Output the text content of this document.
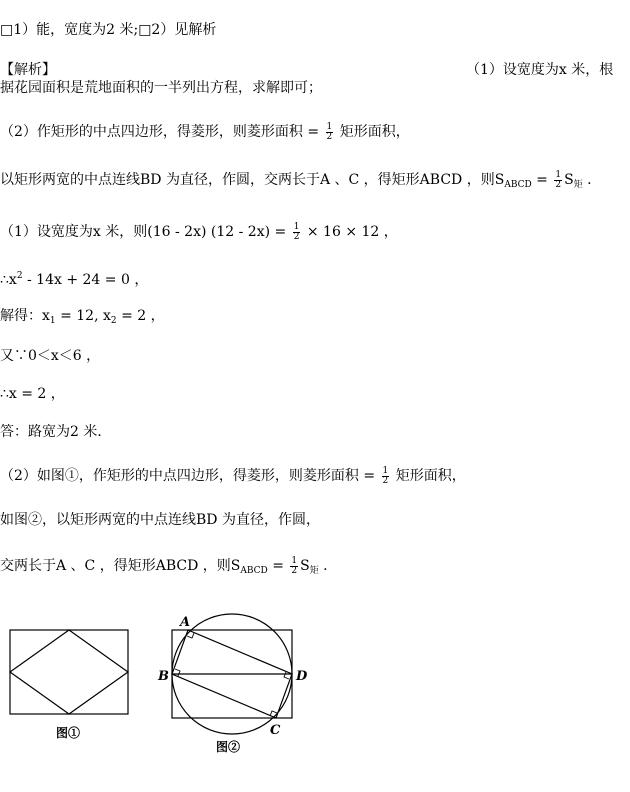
□1）能，宽度为2 米;□2）见解析
【解析】	（1）设宽度为x 米，根
据花园面积是荒地面积的一半列出方程，求解即可；
（2）作矩形的中点四边形，得菱形，则菱形面积 = $\frac{1}{2}$ 矩形面积，
以矩形两宽的中点连线BD 为直径，作圆，交两长于A 、C ，得矩形ABCD ，则$S_{ABCD} = \frac{1}{2} S_矩$ .
（1）设宽度为x 米，则(16 - 2x) $(12 - 2x) = \frac{1}{2} \times 16 \times 12$ ，
$\therefore x^2 - 14x + 24 = 0$ ，
解得：$x_1 = 12$, $x_2 = 2$ ，
又∵0＜x＜6 ，
∴x = 2 ，
答：路宽为2 米．
（2）如图①，作矩形的中点四边形，得菱形，则菱形面积 = $\frac{1}{2}$ 矩形面积，
如图②，以矩形两宽的中点连线BD 为直径，作圆，
交两长于A 、C ，得矩形ABCD ，则$S_{ABCD} = \frac{1}{2} S_矩$ .
图①
A
B	D
C
图②
